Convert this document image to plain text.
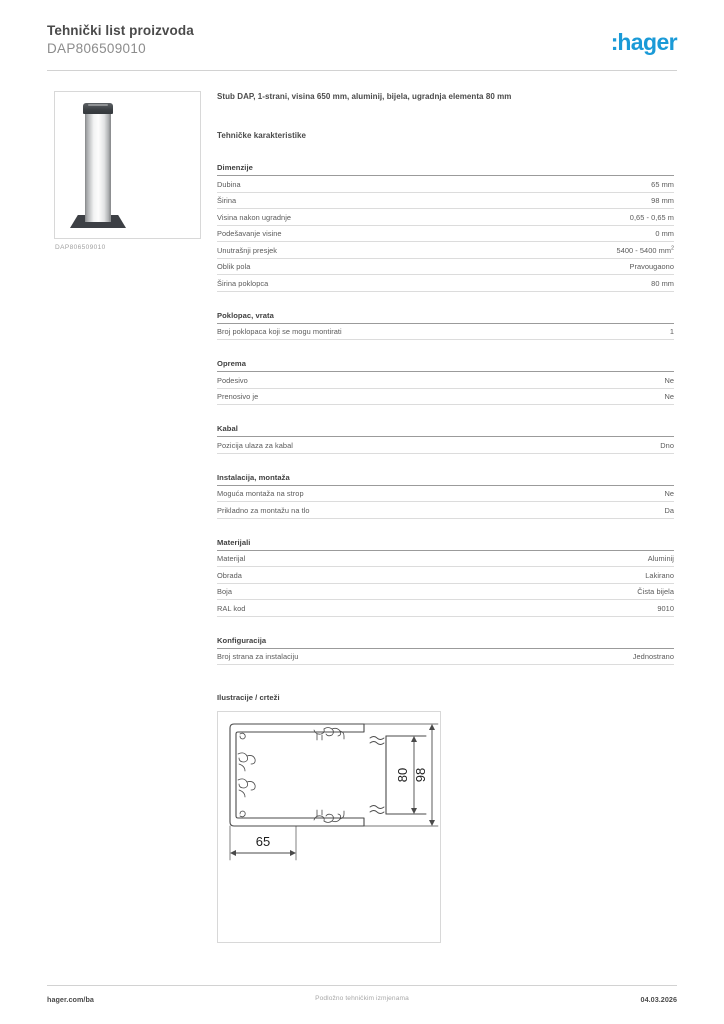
Tehnički list proizvoda
DAP806509010	:hager
DAP806509010
Stub DAP, 1-strani, visina 650 mm, aluminij, bijela, ugradnja elementa 80 mm
Tehničke karakteristike
Dimenzije
Dubina	65 mm
Širina	98 mm
Visina nakon ugradnje	0,65 - 0,65 m
Podešavanje visine	0 mm
Unutrašnji presjek	5400 - 5400 $mm^2$
Oblik pola	Pravougaono
Širina poklopca	80 mm
Poklopac, vrata
Broj poklopaca koji se mogu montirati	1
Oprema
Podesivo	Ne
Prenosivo je	Ne
Kabal
Pozicija ulaza za kabal	Dno
Instalacija, montaža
Moguća montaža na strop	Ne
Prikladno za montažu na tlo	Da
Materijali
Materijal	Aluminij
Obrada	Lakirano
Boja	Čista bijela
RAL kod	9010
Konfiguracija
Broj strana za instalaciju	Jednostrano
Ilustracije / crteži
65
80 98
hager.com/ba	Podložno tehničkim izmjenama	04.03.2026
